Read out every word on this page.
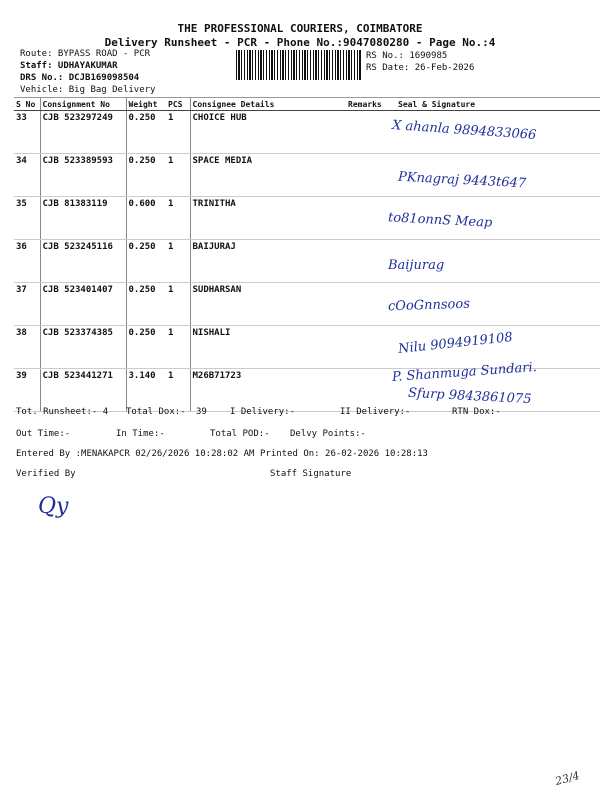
THE PROFESSIONAL COURIERS, COIMBATORE
Delivery Runsheet - PCR - Phone No.:9047080280 - Page No.:4
Route: BYPASS ROAD - PCR
Staff: UDHAYAKUMAR
DRS No.: DCJB169098504
Vehicle: Big Bag Delivery
RS No.: 1690985
RS Date: 26-Feb-2026
S No	Consignment No	Weight	PCS	Consignee Details	Remarks	Seal & Signature
33	CJB 523297249	0.250	1	CHOICE HUB		
34	CJB 523389593	0.250	1	SPACE MEDIA		
35	CJB 81383119	0.600	1	TRINITHA		
36	CJB 523245116	0.250	1	BAIJURAJ		
37	CJB 523401407	0.250	1	SUDHARSAN		
38	CJB 523374385	0.250	1	NISHALI		
39	CJB 523441271	3.140	1	M26B71723		
X ahanla 9894833066
PKnagraj 9443t647
to81onnS Meap
Baijurag
cOoGnnsoos
Nilu 9094919108
P. Shanmuga Sundari.
Sfurp 9843861075
Tot. Runsheet:- 4 Total Dox:- 39	I Delivery:-	II Delivery:-	RTN Dox:-
Out Time:-	In Time:-	Total POD:- Delvy Points:-
Entered By :MENAKAPCR 02/26/2026 10:28:02 AM Printed On: 26-02-2026 10:28:13
Verified By	Staff Signature
Qy
23/4
